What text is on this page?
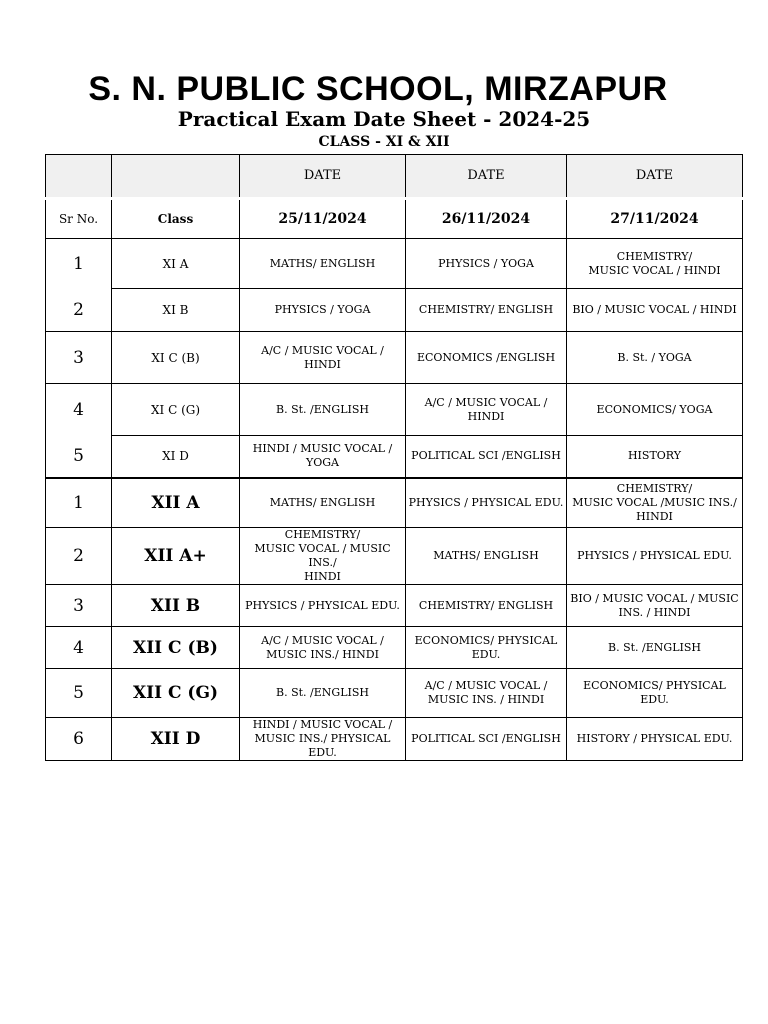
S. N. PUBLIC SCHOOL, MIRZAPUR
Practical Exam Date Sheet - 2024-25
CLASS - XI & XII
		DATE	DATE	DATE
Sr No.	Class	25/11/2024	26/11/2024	27/11/2024
1	XI A	MATHS/ ENGLISH	PHYSICS / YOGA	CHEMISTRY/
MUSIC VOCAL / HINDI
2	XI B	PHYSICS / YOGA	CHEMISTRY/ ENGLISH	BIO / MUSIC VOCAL / HINDI
3	XI C (B)	A/C / MUSIC VOCAL /
HINDI	ECONOMICS /ENGLISH	B. St. / YOGA
4	XI C (G)	B. St. /ENGLISH	A/C / MUSIC VOCAL /
HINDI	ECONOMICS/ YOGA
5	XI D	HINDI / MUSIC VOCAL /
YOGA	POLITICAL SCI /ENGLISH	HISTORY
1	XII A	MATHS/ ENGLISH	PHYSICS / PHYSICAL EDU.	CHEMISTRY/
MUSIC VOCAL /MUSIC INS./
HINDI
2	XII A+	CHEMISTRY/
MUSIC VOCAL / MUSIC INS./
HINDI	MATHS/ ENGLISH	PHYSICS / PHYSICAL EDU.
3	XII B	PHYSICS / PHYSICAL EDU.	CHEMISTRY/ ENGLISH	BIO / MUSIC VOCAL / MUSIC
INS. / HINDI
4	XII C (B)	A/C / MUSIC VOCAL /
MUSIC INS./ HINDI	ECONOMICS/ PHYSICAL
EDU.	B. St. /ENGLISH
5	XII C (G)	B. St. /ENGLISH	A/C / MUSIC VOCAL /
MUSIC INS. / HINDI	ECONOMICS/ PHYSICAL EDU.
6	XII D	HINDI / MUSIC VOCAL /
MUSIC INS./ PHYSICAL EDU.	POLITICAL SCI /ENGLISH	HISTORY / PHYSICAL EDU.
